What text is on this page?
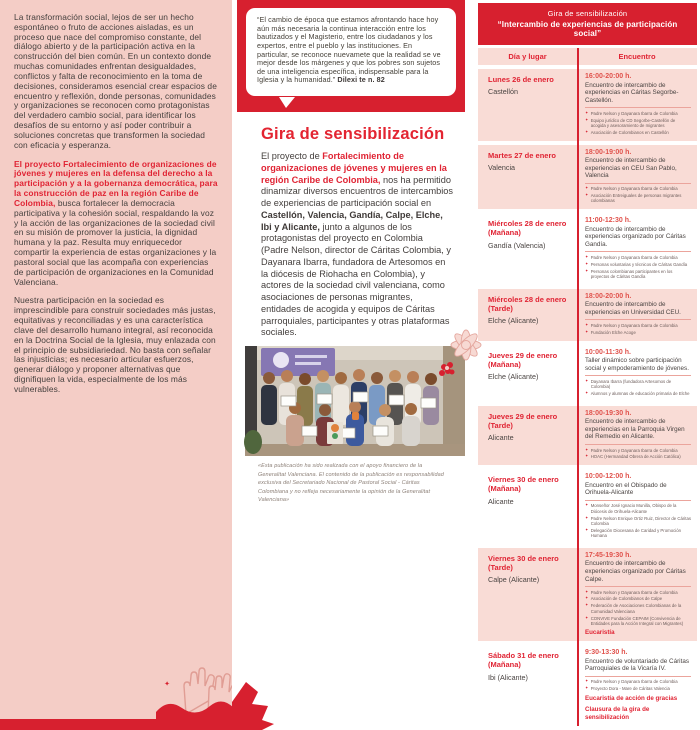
La transformación social, lejos de ser un hecho espontáneo o fruto de acciones aisladas, es un proceso que nace del compromiso constante, del diálogo abierto y de la participación activa en la construcción del bien común. En un contexto donde muchas comunidades enfrentan desigualdades, conflictos y falta de reconocimiento en la toma de decisiones, consideramos esencial crear espacios de encuentro y reflexión, donde personas, comunidades y organizaciones se reconocen como protagonistas del verdadero cambio social, para identificar los desafíos de su entorno y así poder contribuir a soluciones concretas que transformen la sociedad con eficacia y esperanza.

El proyecto Fortalecimiento de organizaciones de jóvenes y mujeres en la defensa del derecho a la participación y a la gobernanza democrática, para la construcción de paz en la región Caribe de Colombia, busca fortalecer la democracia participativa y la cohesión social, respaldando la voz y la acción de las organizaciones de la sociedad civil en su misión de promover la justicia, la dignidad humana y la paz. Resulta muy enriquecedor compartir la experiencia de estas organizaciones y la pastoral social que las acompaña con experiencias de participación de organizaciones en la Comunidad Valenciana.

Nuestra participación en la sociedad es imprescindible para construir sociedades más justas, equitativas y reconciliadas y es una característica clave del desarrollo humano integral, así reconocida en la Doctrina Social de la Iglesia, muy enlazada con el principio de subsidiariedad. No basta con señalar las injusticias; es necesario articular esfuerzos, generar diálogo y proponer alternativas que dignifiquen la vida, especialmente de los más vulnerables.

✦
“El cambio de época que estamos afrontando hace hoy aún más necesaria la continua interacción entre los bautizados y el Magisterio, entre los ciudadanos y los expertos, entre el pueblo y las instituciones. En particular, se reconoce nuevamete que la realidad se ve mejor desde los márgenes y que los pobres son sujetos de una inteligencia específica, indispensable para la Iglesia y la humanidad.” Dilexi te n. 82
Gira de sensibilización
El proyecto de Fortalecimiento de organizaciones de jóvenes y mujeres en la región Caribe de Colombia, nos ha permitido dinamizar diversos encuentros de intercambios de experiencias de participación social en Castellón, Valencia, Gandía, Calpe, Elche, Ibi y Alicante, junto a algunos de los protagonistas del proyecto en Colombia (Padre Nelson, director de Cáritas Colombia, y Dayanara Ibarra, fundadora de Artesomos en la diócesis de Riohacha en Colombia), y actores de la sociedad civil valenciana, como asociaciones de personas migrantes, entidades de acogida y equipos de Cáritas parroquiales, participantes y otras plataformas sociales.
«Esta publicación ha sido realizada con el apoyo financiero de la Generalitat Valenciana. El contenido de la publicación es responsabilidad exclusiva del Secretariado Nacional de Pastoral Social - Cáritas Colombiana y no refleja necesariamente la opinión de la Generalitat Valenciana»
Gira de sensibilización
“Intercambio de experiencias de participación social”
Día y lugar	Encuentro
Lunes 26 de enero
Castellón
16:00-20:00 h.
Encuentro de intercambio de experiencias en Cáritas Segorbe-Castellón.
✦ Padre Nelson y Dayanara Ibarra de Colombia
✦ Equipo jurídico de CD Segorbe-Castellón de acogida y asesoramiento de migrantes
✦ Asociación de Colombianos en Castellón
Martes 27 de enero
Valencia
18:00-19:00 h.
Encuentro de intercambio de experiencias en CEU San Pablo, Valencia
✦ Padre Nelson y Dayanara Ibarra de Colombia
✦ Asociación Entreiguales de personas migrantes colombianas
Miércoles 28 de enero (Mañana)
Gandía (Valencia)
11:00-12:30 h.
Encuentro de intercambio de experiencias organizado por Cáritas Gandía.
✦ Padre Nelson y Dayanara Ibarra de Colombia
✦ Personas voluntarias y técnicos de Cáritas Gandía
✦ Personas colombianas participantes en los proyectos de Cáritas Gandía
Miércoles 28 de enero (Tarde)
Elche (Alicante)
18:00-20:00 h.
Encuentro de intercambio de experiencias en Universidad CEU.
✦ Padre Nelson y Dayanara Ibarra de Colombia
✦ Fundación Elche Acoge
Jueves 29 de enero (Mañana)
Elche (Alicante)
10:00-11:30 h.
Taller dinámico sobre participación social y empoderamiento de jóvenes.
✦ Dayanara Ibarra (fundadora Artesomos de Colombia)
✦ Alumnos y alumnas de educación primaria de Elche
Jueves 29 de enero (Tarde)
Alicante
18:00-19:30 h.
Encuentro de intercambio de experiencias en la Parroquia Virgen del Remedio en Alicante.
✦ Padre Nelson y Dayanara Ibarra de Colombia
✦ HOAC (Hermandad Obrera de Acción Católica)
Viernes 30 de enero (Mañana)
Alicante
10:00-12:00 h.
Encuentro en el Obispado de Orihuela-Alicante
✦ Monseñor José Ignacio Munilla, Obispo de la Diócesis de Orihuela-Alicante
✦ Padre Nelson Enrique Ortiz Ruiz, Director de Cáritas Colombia
✦ Delegación Diocesana de Caridad y Promoción Humana
Viernes 30 de enero (Tarde)
Calpe (Alicante)
17:45-19:30 h.
Encuentro de intercambio de experiencias organizado por Cáritas Calpe.
✦ Padre Nelson y Dayanara Ibarra de Colombia
✦ Asociación de Colombianos de Calpe
✦ Federación de Asociaciones Colombianas de la Comunidad Valenciana
✦ CONVIVE Fundación CEPAIM (Convivencia de Entidades para la Acción Integral con Migrantes)
Eucaristía
Sábado 31 de enero (Mañana)
Ibi (Alicante)
9:30-13:30 h.
Encuentro de voluntariado de Cáritas Parroquiales de la Vicaría IV.
✦ Padre Nelson y Dayanara Ibarra de Colombia
✦ Proyecto Dora - Mare de Cáritas Valencia
Eucaristía de acción de gracias
Clausura de la gira de sensibilización
